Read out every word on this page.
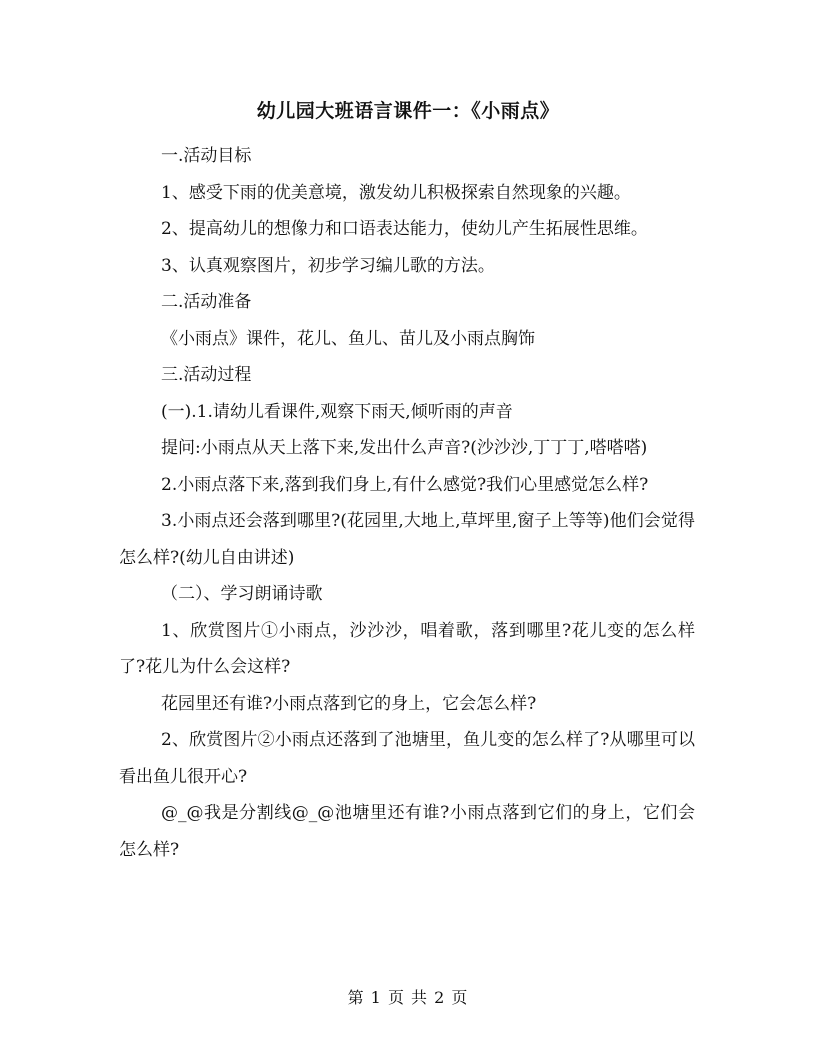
幼儿园大班语言课件一：《小雨点》

一.活动目标

1、感受下雨的优美意境，激发幼儿积极探索自然现象的兴趣。

2、提高幼儿的想像力和口语表达能力，使幼儿产生拓展性思维。

3、认真观察图片，初步学习编儿歌的方法。

二.活动准备

《小雨点》课件，花儿、鱼儿、苗儿及小雨点胸饰

三.活动过程

(一).1.请幼儿看课件,观察下雨天,倾听雨的声音

提问:小雨点从天上落下来,发出什么声音?(沙沙沙,丁丁丁,嗒嗒嗒)

2.小雨点落下来,落到我们身上,有什么感觉?我们心里感觉怎么样?

3.小雨点还会落到哪里?(花园里,大地上,草坪里,窗子上等等)他们会觉得怎么样?(幼儿自由讲述)

（二）、学习朗诵诗歌

1、欣赏图片①小雨点，沙沙沙，唱着歌，落到哪里?花儿变的怎么样了?花儿为什么会这样?

花园里还有谁?小雨点落到它的身上，它会怎么样?

2、欣赏图片②小雨点还落到了池塘里，鱼儿变的怎么样了?从哪里可以看出鱼儿很开心?

@_@我是分割线@_@池塘里还有谁?小雨点落到它们的身上，它们会怎么样?

第 1 页 共 2 页
